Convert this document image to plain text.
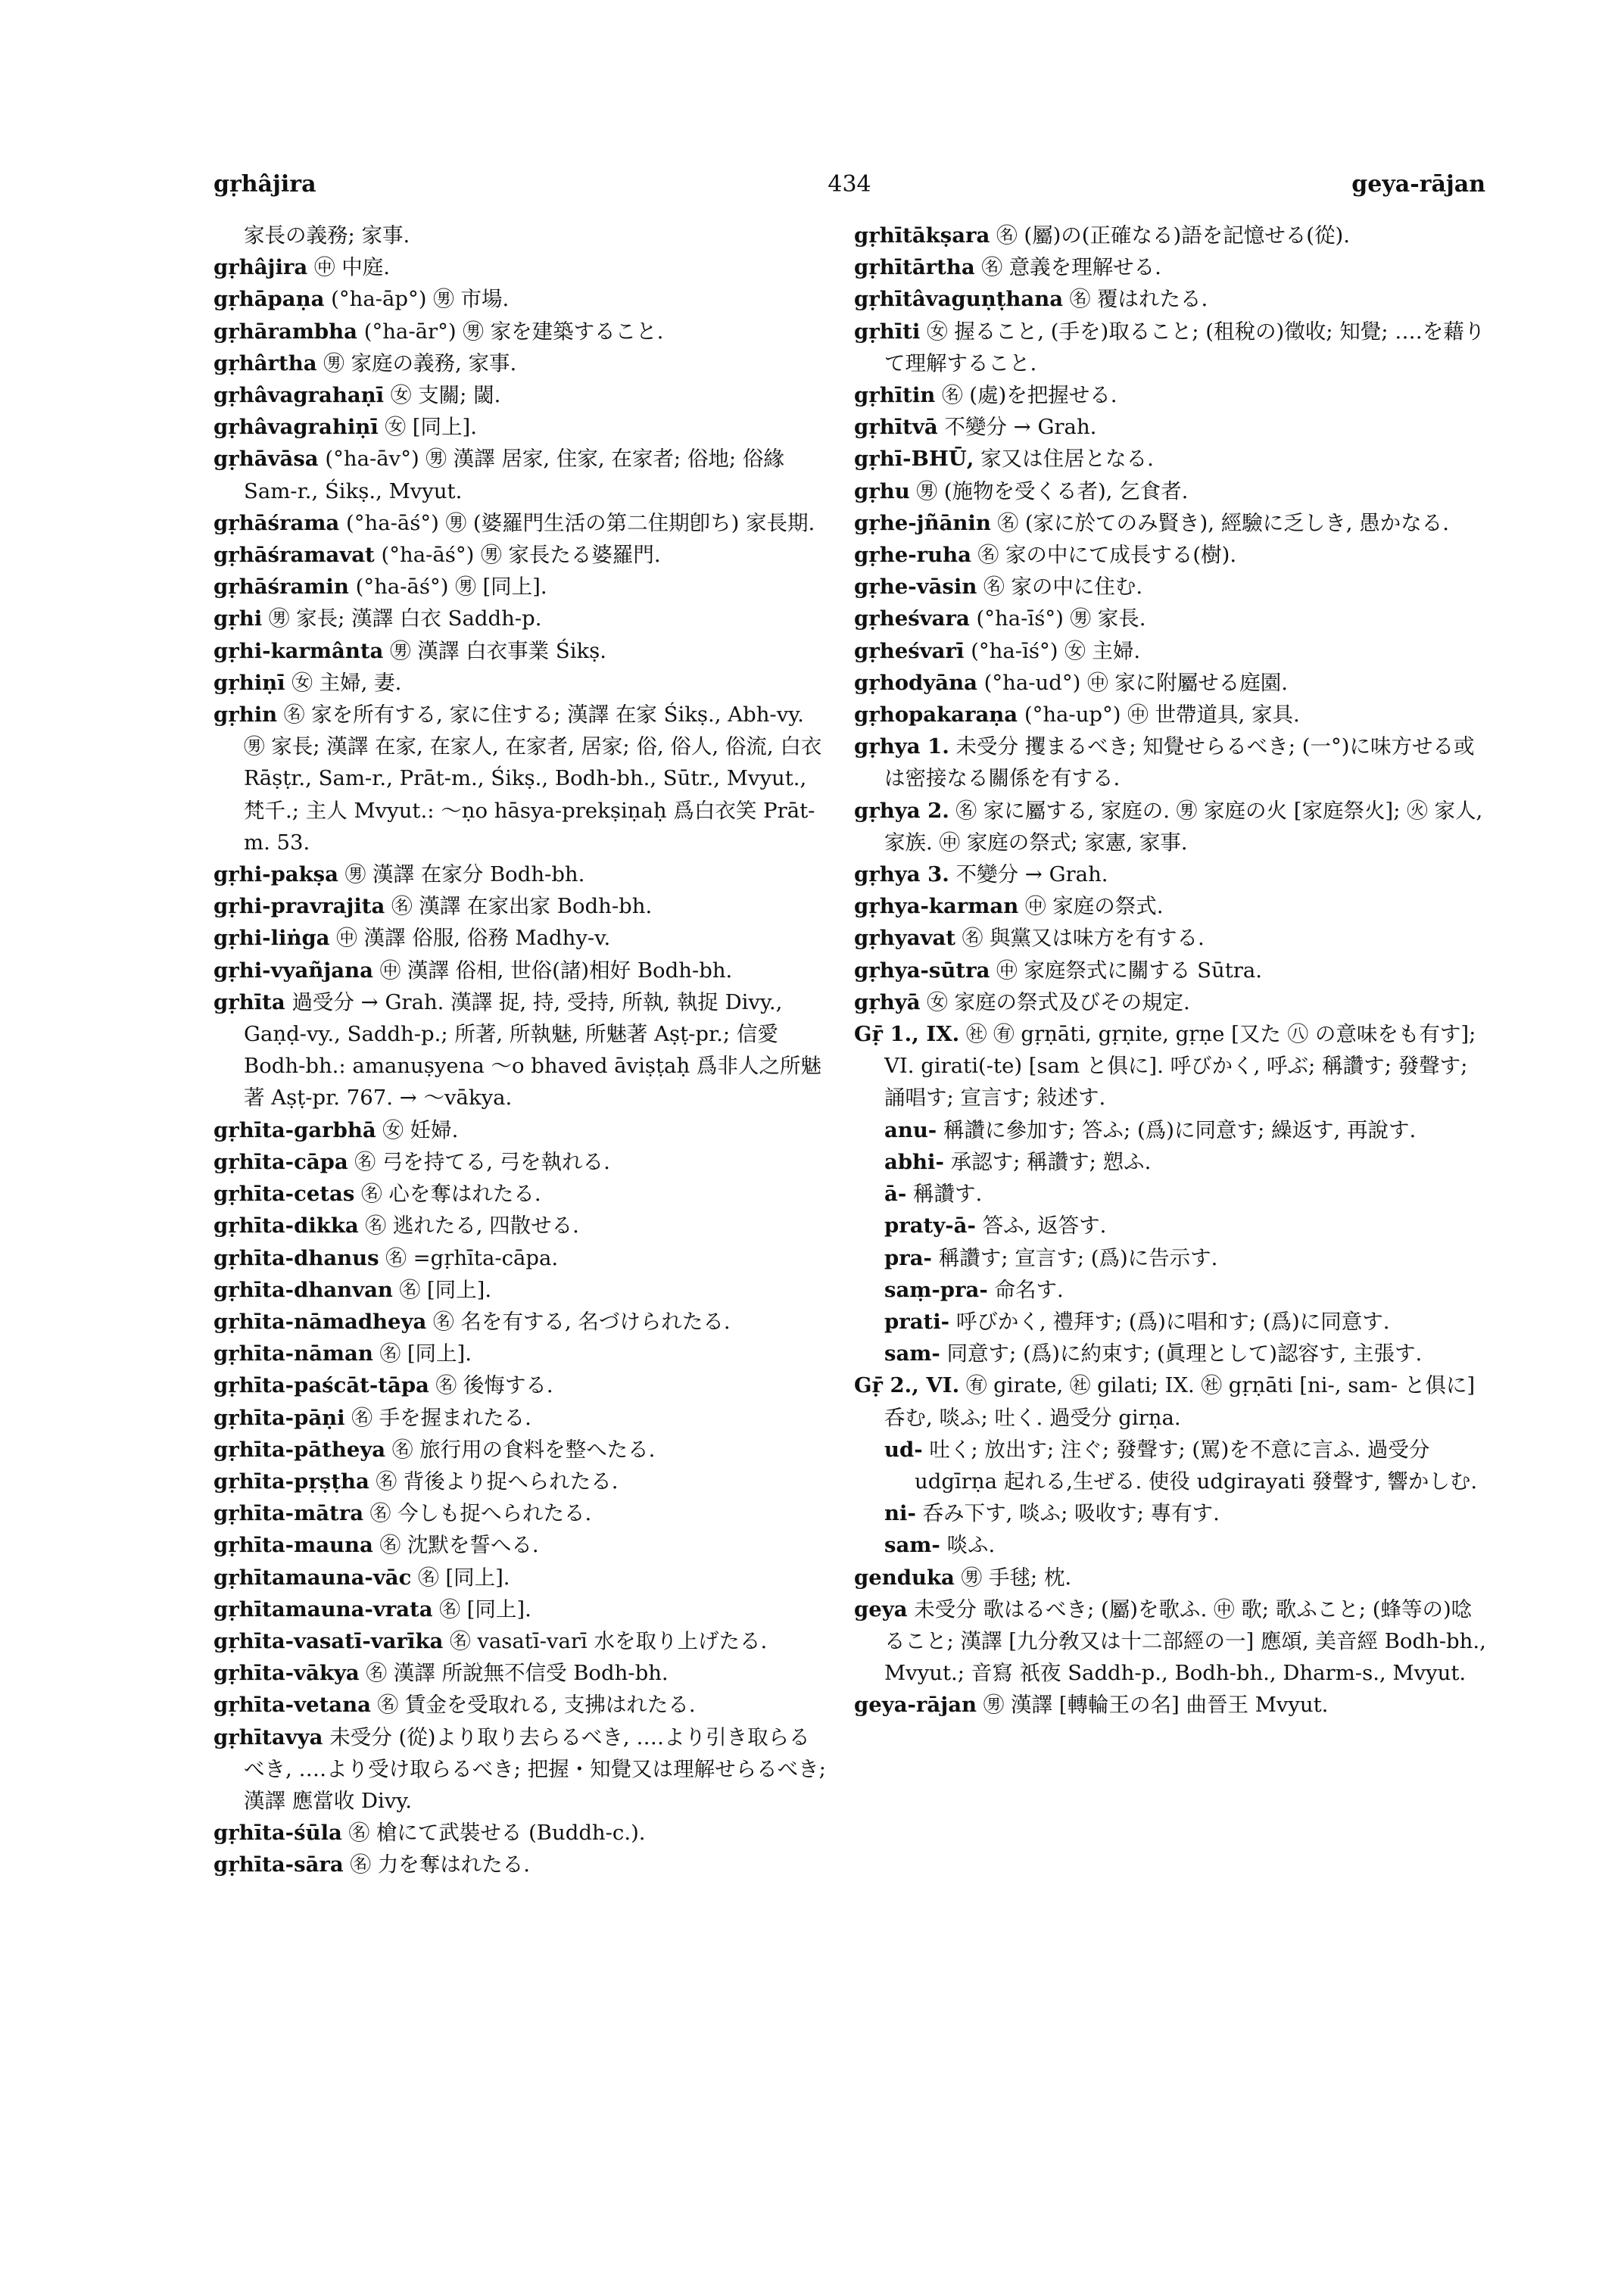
gṛhâjira	434	geya-rājan

家長の義務; 家事.

gṛhâjira ㊥ 中庭.

gṛhāpaṇa (°ha-āp°) ㊚ 市場.

gṛhārambha (°ha-ār°) ㊚ 家を建築すること.

gṛhârtha ㊚ 家庭の義務, 家事.

gṛhâvagrahaṇī ㊛ 支關; 閾.

gṛhâvagrahiṇī ㊛ [同上].

gṛhāvāsa (°ha-āv°) ㊚ 漢譯 居家, 住家, 在家者; 俗地; 俗緣 Sam-r., Śikṣ., Mvyut.

gṛhāśrama (°ha-āś°) ㊚ (婆羅門生活の第二住期卽ち) 家長期.

gṛhāśramavat (°ha-āś°) ㊚ 家長たる婆羅門.

gṛhāśramin (°ha-āś°) ㊚ [同上].

gṛhi ㊚ 家長; 漢譯 白衣 Saddh-p.

gṛhi-karmânta ㊚ 漢譯 白衣事業 Śikṣ.

gṛhiṇī ㊛ 主婦, 妻.

gṛhin ㊔ 家を所有する, 家に住する; 漢譯 在家 Śikṣ., Abh-vy. ㊚ 家長; 漢譯 在家, 在家人, 在家者, 居家; 俗, 俗人, 俗流, 白衣 Rāṣṭr., Sam-r., Prāt-m., Śikṣ., Bodh-bh., Sūtr., Mvyut., 梵千.; 主人 Mvyut.: ～ṇo hāsya-prekṣiṇaḥ 爲白衣笑 Prāt-m. 53.

gṛhi-pakṣa ㊚ 漢譯 在家分 Bodh-bh.

gṛhi-pravrajita ㊔ 漢譯 在家出家 Bodh-bh.

gṛhi-liṅga ㊥ 漢譯 俗服, 俗務 Madhy-v.

gṛhi-vyañjana ㊥ 漢譯 俗相, 世俗(諸)相好 Bodh-bh.

gṛhīta 過受分 → Grah. 漢譯 捉, 持, 受持, 所執, 執捉 Divy., Gaṇḍ-vy., Saddh-p.; 所著, 所執魅, 所魅著 Aṣṭ-pr.; 信愛 Bodh-bh.: amanuṣyena ～o bhaved āviṣṭaḥ 爲非人之所魅著 Aṣṭ-pr. 767. → ～vākya.

gṛhīta-garbhā ㊛ 妊婦.

gṛhīta-cāpa ㊔ 弓を持てる, 弓を執れる.

gṛhīta-cetas ㊔ 心を奪はれたる.

gṛhīta-dikka ㊔ 逃れたる, 四散せる.

gṛhīta-dhanus ㊔ =gṛhīta-cāpa.

gṛhīta-dhanvan ㊔ [同上].

gṛhīta-nāmadheya ㊔ 名を有する, 名づけられたる.

gṛhīta-nāman ㊔ [同上].

gṛhīta-paścāt-tāpa ㊔ 後悔する.

gṛhīta-pāṇi ㊔ 手を握まれたる.

gṛhīta-pātheya ㊔ 旅行用の食料を整へたる.

gṛhīta-pṛṣṭha ㊔ 背後より捉へられたる.

gṛhīta-mātra ㊔ 今しも捉へられたる.

gṛhīta-mauna ㊔ 沈默を誓へる.

gṛhītamauna-vāc ㊔ [同上].

gṛhītamauna-vrata ㊔ [同上].

gṛhīta-vasatī-varīka ㊔ vasatī-varī 水を取り上げたる.

gṛhīta-vākya ㊔ 漢譯 所說無不信受 Bodh-bh.

gṛhīta-vetana ㊔ 賃金を受取れる, 支拂はれたる.

gṛhītavya 未受分 (從)より取り去らるべき, ‥‥より引き取らるべき, ‥‥より受け取らるべき; 把握・知覺又は理解せらるべき; 漢譯 應當收 Divy.

gṛhīta-śūla ㊔ 槍にて武裝せる (Buddh-c.).

gṛhīta-sāra ㊔ 力を奪はれたる.

gṛhītākṣara ㊔ (屬)の(正確なる)語を記憶せる(從).

gṛhītārtha ㊔ 意義を理解せる.

gṛhītâvaguṇṭhana ㊔ 覆はれたる.

gṛhīti ㊛ 握ること, (手を)取ること; (租稅の)徵收; 知覺; ‥‥を藉りて理解すること.

gṛhītin ㊔ (處)を把握せる.

gṛhītvā 不變分 → Grah.

gṛhī-BHŪ, 家又は住居となる.

gṛhu ㊚ (施物を受くる者), 乞食者.

gṛhe-jñānin ㊔ (家に於てのみ賢き), 經驗に乏しき, 愚かなる.

gṛhe-ruha ㊔ 家の中にて成長する(樹).

gṛhe-vāsin ㊔ 家の中に住む.

gṛheśvara (°ha-īś°) ㊚ 家長.

gṛheśvarī (°ha-īś°) ㊛ 主婦.

gṛhodyāna (°ha-ud°) ㊥ 家に附屬せる庭園.

gṛhopakaraṇa (°ha-up°) ㊥ 世帶道具, 家具.

gṛhya 1. 未受分 攫まるべき; 知覺せらるべき; (一°)に味方せる或は密接なる關係を有する.

gṛhya 2. ㊔ 家に屬する, 家庭の. ㊚ 家庭の火 [家庭祭火]; ㊋ 家人, 家族. ㊥ 家庭の祭式; 家憲, 家事.

gṛhya 3. 不變分 → Grah.

gṛhya-karman ㊥ 家庭の祭式.

gṛhyavat ㊔ 與黨又は味方を有する.

gṛhya-sūtra ㊥ 家庭祭式に關する Sūtra.

gṛhyā ㊛ 家庭の祭式及びその規定.

Gṝ 1., IX. ㊓ ㊒ gṛṇāti, gṛṇite, gṛṇe [又た ㊇ の意味をも有す]; VI. girati(-te) [sam と俱に]. 呼びかく, 呼ぶ; 稱讚す; 發聲す; 誦唱す; 宣言す; 敍述す.

anu- 稱讚に參加す; 答ふ; (爲)に同意す; 繰返す, 再說す.

abhi- 承認す; 稱讚す; 愬ふ.

ā- 稱讚す.

praty-ā- 答ふ, 返答す.

pra- 稱讚す; 宣言す; (爲)に告示す.

saṃ-pra- 命名す.

prati- 呼びかく, 禮拜す; (爲)に唱和す; (爲)に同意す.

sam- 同意す; (爲)に約束す; (眞理として)認容す, 主張す.

Gṝ 2., VI. ㊒ girate, ㊓ gilati; IX. ㊓ gṛṇāti [ni-, sam- と俱に] 呑む, 啖ふ; 吐く. 過受分 girṇa.

ud- 吐く; 放出す; 注ぐ; 發聲す; (罵)を不意に言ふ. 過受分 udgīrṇa 起れる,生ぜる. 使役 udgirayati 發聲す, 響かしむ.

ni- 呑み下す, 啖ふ; 吸收す; 專有す.

sam- 啖ふ.

genduka ㊚ 手毬; 枕.

geya 未受分 歌はるべき; (屬)を歌ふ. ㊥ 歌; 歌ふこと; (蜂等の)唸ること; 漢譯 [九分敎又は十二部經の一] 應頌, 美音經 Bodh-bh., Mvyut.; 音寫 祇夜 Saddh-p., Bodh-bh., Dharm-s., Mvyut.

geya-rājan ㊚ 漢譯 [轉輪王の名] 曲晉王 Mvyut.
